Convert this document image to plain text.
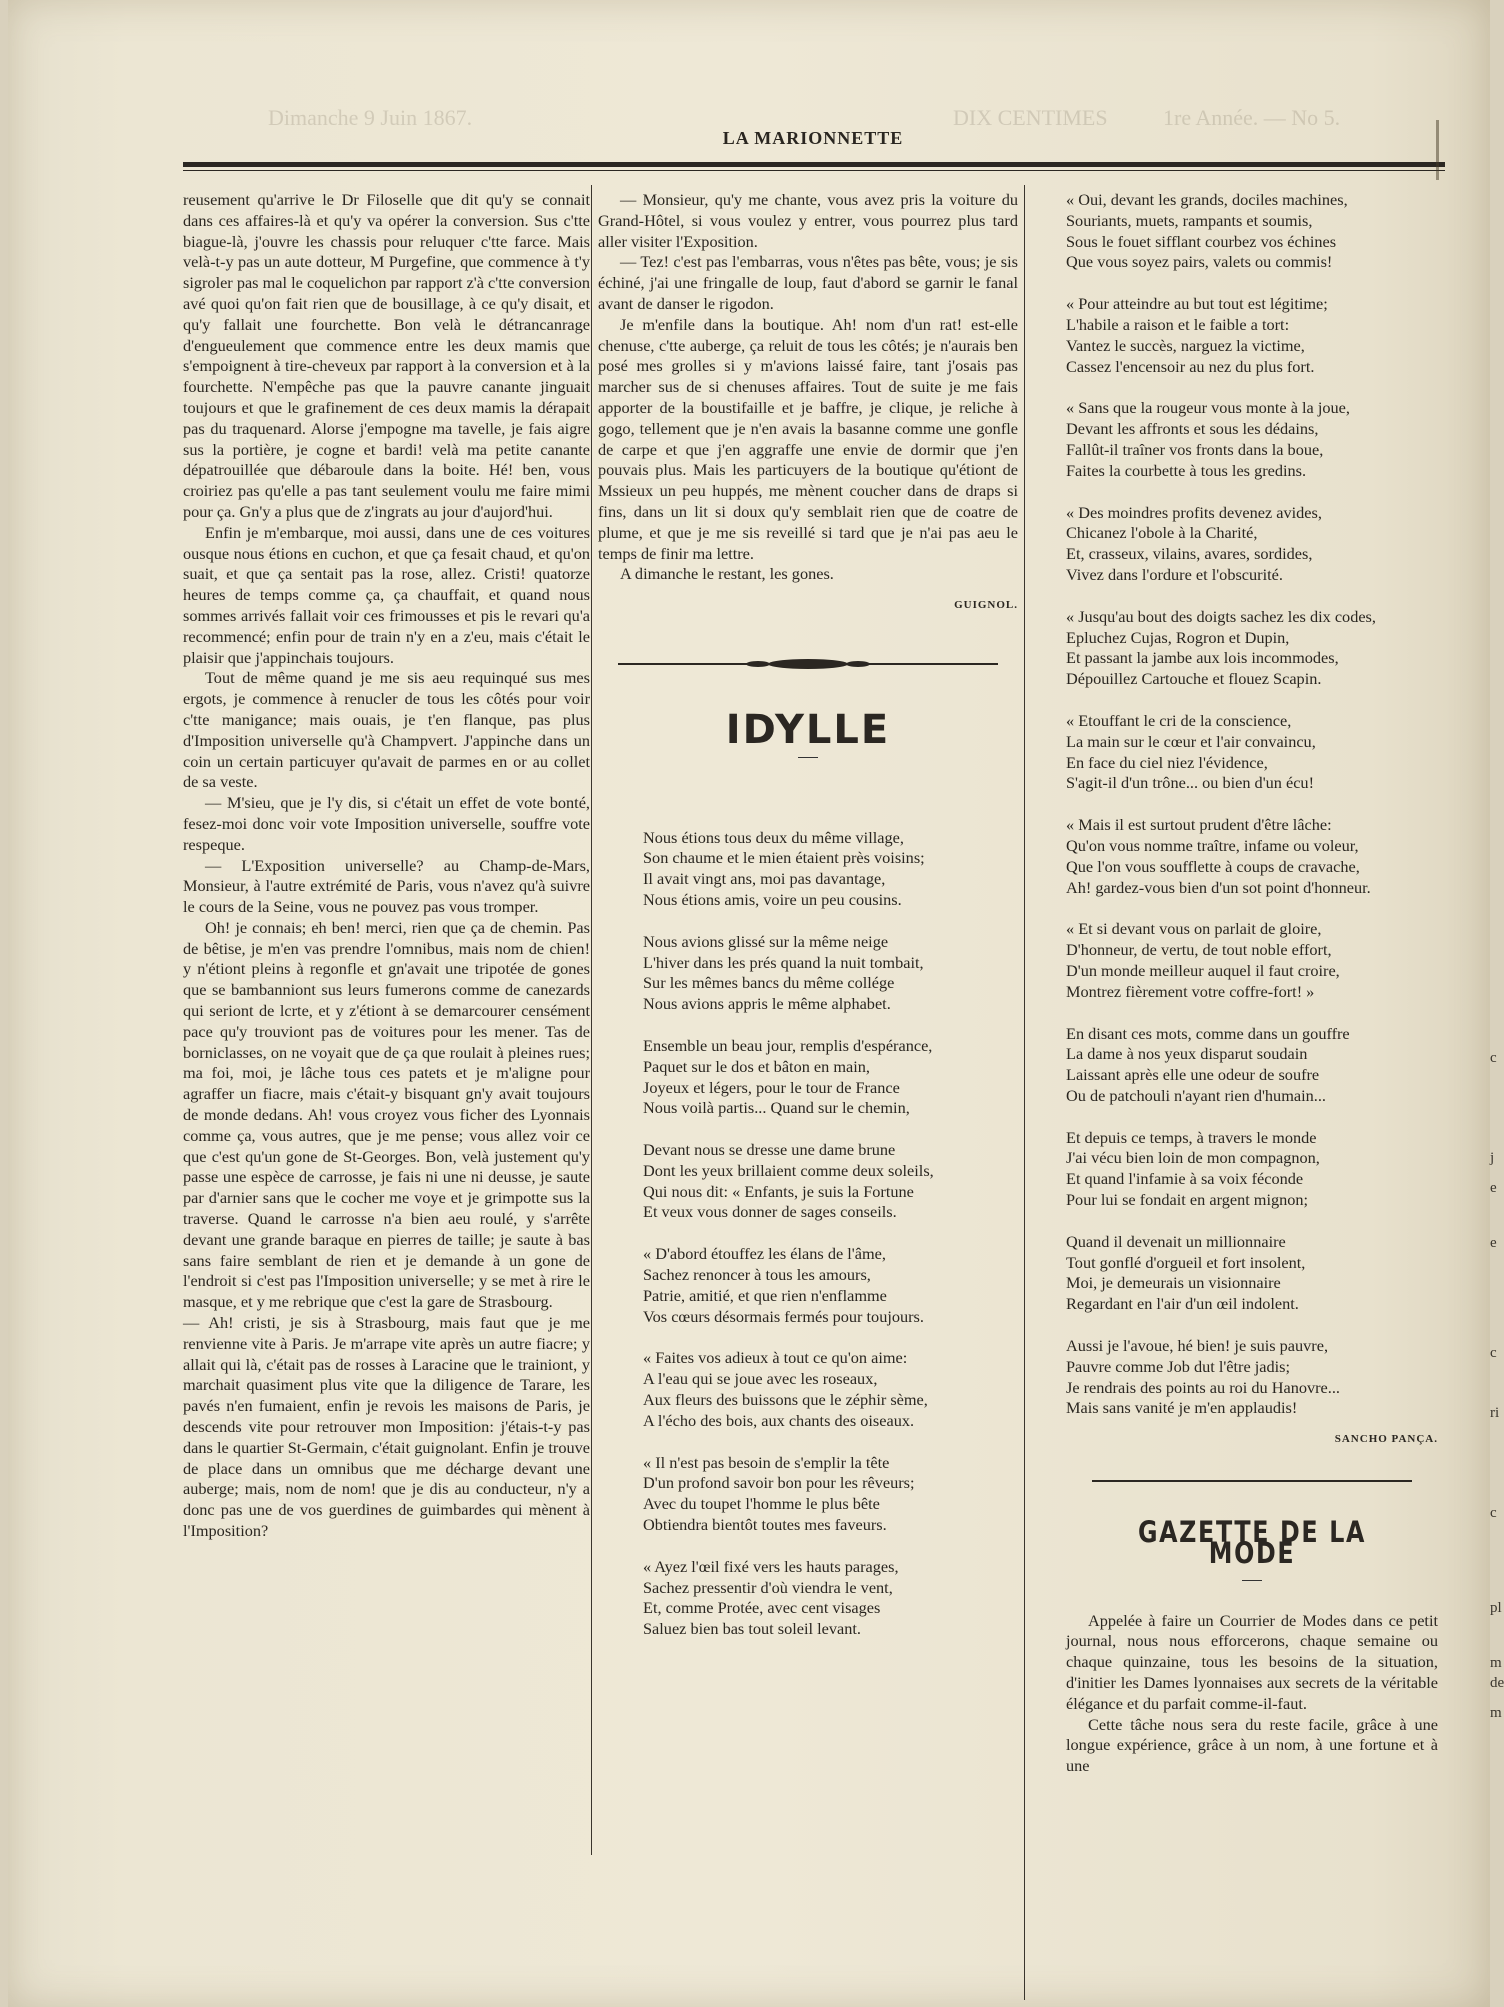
Dimanche 9 Juin 1867.	1re Année. — No 5.
DIX CENTIMES
LA MARIONNETTE

reusement qu'arrive le Dr Filoselle que dit qu'y se connait dans ces affaires-là et qu'y va opérer la conversion. Sus c'tte biague-là, j'ouvre les chassis pour reluquer c'tte farce. Mais velà-t-y pas un aute dotteur, M Purgefine, que commence à t'y sigroler pas mal le coquelichon par rapport z'à c'tte conversion avé quoi qu'on fait rien que de bousillage, à ce qu'y disait, et qu'y fallait une fourchette. Bon velà le détrancanrage d'engueulement que commence entre les deux mamis que s'empoignent à tire-cheveux par rapport à la conversion et à la fourchette. N'empêche pas que la pauvre canante jinguait toujours et que le grafinement de ces deux mamis la dérapait pas du traquenard. Alorse j'empogne ma tavelle, je fais aigre sus la portière, je cogne et bardi! velà ma petite canante dépatrouillée que débaroule dans la boite. Hé! ben, vous croiriez pas qu'elle a pas tant seulement voulu me faire mimi pour ça. Gn'y a plus que de z'ingrats au jour d'aujord'hui.

Enfin je m'embarque, moi aussi, dans une de ces voitures ousque nous étions en cuchon, et que ça fesait chaud, et qu'on suait, et que ça sentait pas la rose, allez. Cristi! quatorze heures de temps comme ça, ça chauffait, et quand nous sommes arrivés fallait voir ces frimousses et pis le revari qu'a recommencé; enfin pour de train n'y en a z'eu, mais c'était le plaisir que j'appinchais toujours.

Tout de même quand je me sis aeu requinqué sus mes ergots, je commence à renucler de tous les côtés pour voir c'tte manigance; mais ouais, je t'en flanque, pas plus d'Imposition universelle qu'à Champvert. J'appinche dans un coin un certain particuyer qu'avait de parmes en or au collet de sa veste.

— M'sieu, que je l'y dis, si c'était un effet de vote bonté, fesez-moi donc voir vote Imposition universelle, souffre vote respeque.

— L'Exposition universelle? au Champ-de-Mars, Monsieur, à l'autre extrémité de Paris, vous n'avez qu'à suivre le cours de la Seine, vous ne pouvez pas vous tromper.

Oh! je connais; eh ben! merci, rien que ça de chemin. Pas de bêtise, je m'en vas prendre l'omnibus, mais nom de chien! y n'étiont pleins à regonfle et gn'avait une tripotée de gones que se bambanniont sus leurs fumerons comme de canezards qui seriont de lcrte, et y z'étiont à se demarcourer censément pace qu'y trouviont pas de voitures pour les mener. Tas de borniclasses, on ne voyait que de ça que roulait à pleines rues; ma foi, moi, je lâche tous ces patets et je m'aligne pour agraffer un fiacre, mais c'était-y bisquant gn'y avait toujours de monde dedans. Ah! vous croyez vous ficher des Lyonnais comme ça, vous autres, que je me pense; vous allez voir ce que c'est qu'un gone de St-Georges. Bon, velà justement qu'y passe une espèce de carrosse, je fais ni une ni deusse, je saute par d'arnier sans que le cocher me voye et je grimpotte sus la traverse. Quand le carrosse n'a bien aeu roulé, y s'arrête devant une grande baraque en pierres de taille; je saute à bas sans faire semblant de rien et je demande à un gone de l'endroit si c'est pas l'Imposition universelle; y se met à rire le masque, et y me rebrique que c'est la gare de Strasbourg.

— Ah! cristi, je sis à Strasbourg, mais faut que je me renvienne vite à Paris. Je m'arrape vite après un autre fiacre; y allait qui là, c'était pas de rosses à Laracine que le trainiont, y marchait quasiment plus vite que la diligence de Tarare, les pavés n'en fumaient, enfin je revois les maisons de Paris, je descends vite pour retrouver mon Imposition: j'étais-t-y pas dans le quartier St-Germain, c'était guignolant. Enfin je trouve de place dans un omnibus que me décharge devant une auberge; mais, nom de nom! que je dis au conducteur, n'y a donc pas une de vos guerdines de guimbardes qui mènent à l'Imposition?

— Monsieur, qu'y me chante, vous avez pris la voiture du Grand-Hôtel, si vous voulez y entrer, vous pourrez plus tard aller visiter l'Exposition.

— Tez! c'est pas l'embarras, vous n'êtes pas bête, vous; je sis échiné, j'ai une fringalle de loup, faut d'abord se garnir le fanal avant de danser le rigodon.

Je m'enfile dans la boutique. Ah! nom d'un rat! est-elle chenuse, c'tte auberge, ça reluit de tous les côtés; je n'aurais ben posé mes grolles si y m'avions laissé faire, tant j'osais pas marcher sus de si chenuses affaires. Tout de suite je me fais apporter de la boustifaille et je baffre, je clique, je reliche à gogo, tellement que je n'en avais la basanne comme une gonfle de carpe et que j'en aggraffe une envie de dormir que j'en pouvais plus. Mais les particuyers de la boutique qu'étiont de Mssieux un peu huppés, me mènent coucher dans de draps si fins, dans un lit si doux qu'y semblait rien que de coatre de plume, et que je me sis reveillé si tard que je n'ai pas aeu le temps de finir ma lettre.

A dimanche le restant, les gones.

GUIGNOL.
IDYLLE
Nous étions tous deux du même village,
Son chaume et le mien étaient près voisins;
Il avait vingt ans, moi pas davantage,
Nous étions amis, voire un peu cousins.
Nous avions glissé sur la même neige
L'hiver dans les prés quand la nuit tombait,
Sur les mêmes bancs du même collége
Nous avions appris le même alphabet.
Ensemble un beau jour, remplis d'espérance,
Paquet sur le dos et bâton en main,
Joyeux et légers, pour le tour de France
Nous voilà partis... Quand sur le chemin,
Devant nous se dresse une dame brune
Dont les yeux brillaient comme deux soleils,
Qui nous dit: « Enfants, je suis la Fortune
Et veux vous donner de sages conseils.
« D'abord étouffez les élans de l'âme,
Sachez renoncer à tous les amours,
Patrie, amitié, et que rien n'enflamme
Vos cœurs désormais fermés pour toujours.
« Faites vos adieux à tout ce qu'on aime:
A l'eau qui se joue avec les roseaux,
Aux fleurs des buissons que le zéphir sème,
A l'écho des bois, aux chants des oiseaux.
« Il n'est pas besoin de s'emplir la tête
D'un profond savoir bon pour les rêveurs;
Avec du toupet l'homme le plus bête
Obtiendra bientôt toutes mes faveurs.
« Ayez l'œil fixé vers les hauts parages,
Sachez pressentir d'où viendra le vent,
Et, comme Protée, avec cent visages
Saluez bien bas tout soleil levant.
« Oui, devant les grands, dociles machines,
Souriants, muets, rampants et soumis,
Sous le fouet sifflant courbez vos échines
Que vous soyez pairs, valets ou commis!
« Pour atteindre au but tout est légitime;
L'habile a raison et le faible a tort:
Vantez le succès, narguez la victime,
Cassez l'encensoir au nez du plus fort.
« Sans que la rougeur vous monte à la joue,
Devant les affronts et sous les dédains,
Fallût-il traîner vos fronts dans la boue,
Faites la courbette à tous les gredins.
« Des moindres profits devenez avides,
Chicanez l'obole à la Charité,
Et, crasseux, vilains, avares, sordides,
Vivez dans l'ordure et l'obscurité.
« Jusqu'au bout des doigts sachez les dix codes,
Epluchez Cujas, Rogron et Dupin,
Et passant la jambe aux lois incommodes,
Dépouillez Cartouche et flouez Scapin.
« Etouffant le cri de la conscience,
La main sur le cœur et l'air convaincu,
En face du ciel niez l'évidence,
S'agit-il d'un trône... ou bien d'un écu!
« Mais il est surtout prudent d'être lâche:
Qu'on vous nomme traître, infame ou voleur,
Que l'on vous soufflette à coups de cravache,
Ah! gardez-vous bien d'un sot point d'honneur.
« Et si devant vous on parlait de gloire,
D'honneur, de vertu, de tout noble effort,
D'un monde meilleur auquel il faut croire,
Montrez fièrement votre coffre-fort! »
En disant ces mots, comme dans un gouffre
La dame à nos yeux disparut soudain
Laissant après elle une odeur de soufre
Ou de patchouli n'ayant rien d'humain...
Et depuis ce temps, à travers le monde
J'ai vécu bien loin de mon compagnon,
Et quand l'infamie à sa voix féconde
Pour lui se fondait en argent mignon;
Quand il devenait un millionnaire
Tout gonflé d'orgueil et fort insolent,
Moi, je demeurais un visionnaire
Regardant en l'air d'un œil indolent.
Aussi je l'avoue, hé bien! je suis pauvre,
Pauvre comme Job dut l'être jadis;
Je rendrais des points au roi du Hanovre...
Mais sans vanité je m'en applaudis!
SANCHO PANÇA.
GAZETTE DE LA MODE

Appelée à faire un Courrier de Modes dans ce petit journal, nous nous efforcerons, chaque semaine ou chaque quinzaine, tous les besoins de la situation, d'initier les Dames lyonnaises aux secrets de la véritable élégance et du parfait comme-il-faut.

Cette tâche nous sera du reste facile, grâce à une longue expérience, grâce à un nom, à une fortune et à une

c
j
e
e
c
ri
c
pl
m
de
m
